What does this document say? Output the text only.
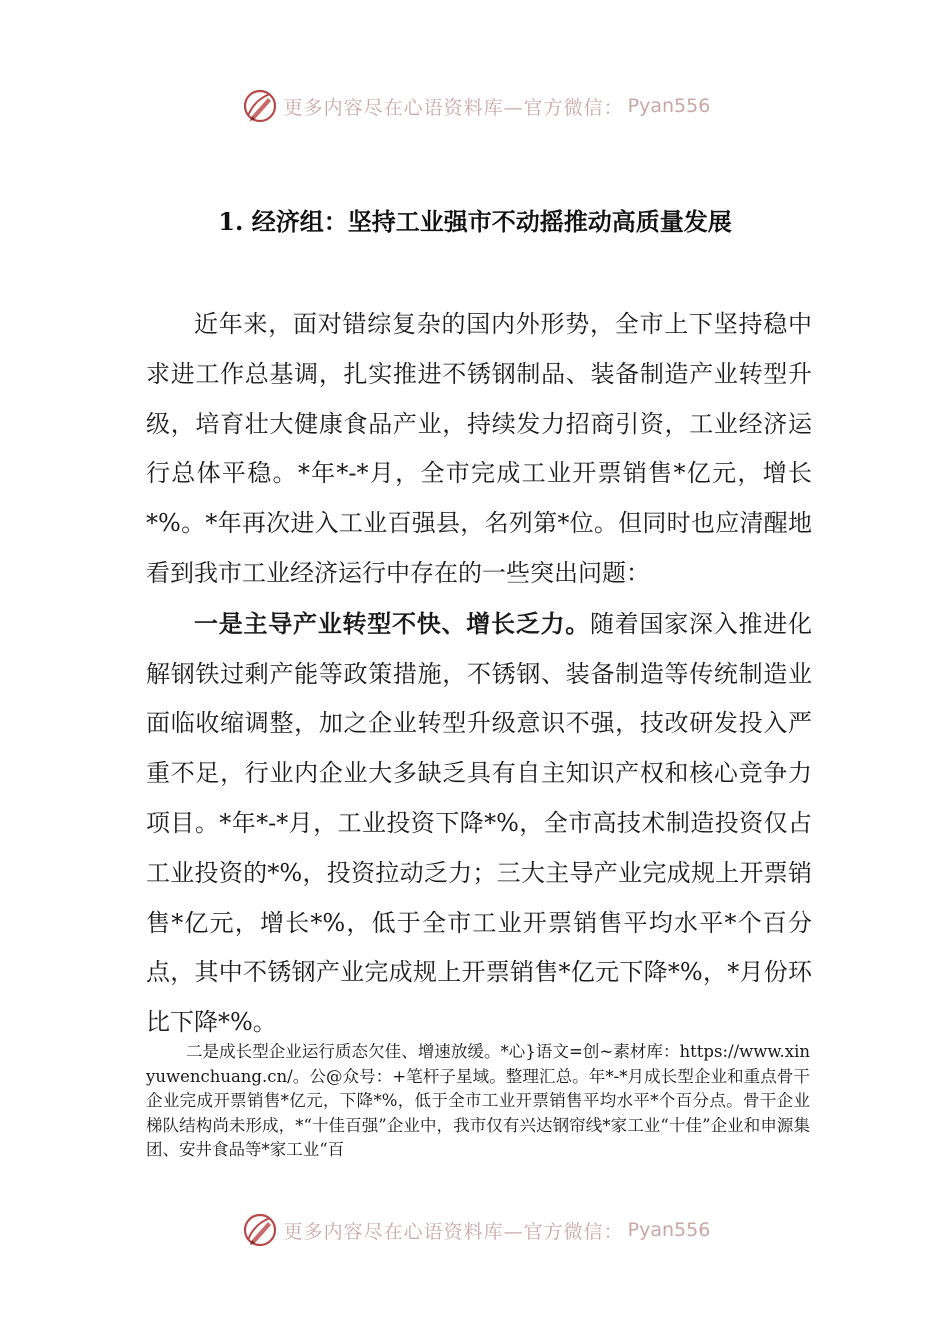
更多内容尽在心语资料库—官方微信： Pyan556
1. 经济组：坚持工业强市不动摇推动高质量发展

近年来，面对错综复杂的国内外形势，全市上下坚持稳中求进工作总基调，扎实推进不锈钢制品、装备制造产业转型升级，培育壮大健康食品产业，持续发力招商引资，工业经济运行总体平稳。*年*-*月，全市完成工业开票销售*亿元，增长*%。*年再次进入工业百强县，名列第*位。但同时也应清醒地看到我市工业经济运行中存在的一些突出问题：

一是主导产业转型不快、增长乏力。随着国家深入推进化解钢铁过剩产能等政策措施，不锈钢、装备制造等传统制造业面临收缩调整，加之企业转型升级意识不强，技改研发投入严重不足，行业内企业大多缺乏具有自主知识产权和核心竞争力项目。*年*-*月，工业投资下降*%，全市高技术制造投资仅占工业投资的*%，投资拉动乏力；三大主导产业完成规上开票销售*亿元，增长*%，低于全市工业开票销售平均水平*个百分点，其中不锈钢产业完成规上开票销售*亿元下降*%，*月份环比下降*%。

二是成长型企业运行质态欠佳、增速放缓。*心}语文=创~素材库：https://www.xinyuwenchuang.cn/。公@众号：+笔杆子星域。整理汇总。年*-*月成长型企业和重点骨干企业完成开票销售*亿元，下降*%，低于全市工业开票销售平均水平*个百分点。骨干企业梯队结构尚未形成，*“十佳百强”企业中，我市仅有兴达钢帘线*家工业“十佳”企业和申源集团、安井食品等*家工业“百

更多内容尽在心语资料库—官方微信： Pyan556
